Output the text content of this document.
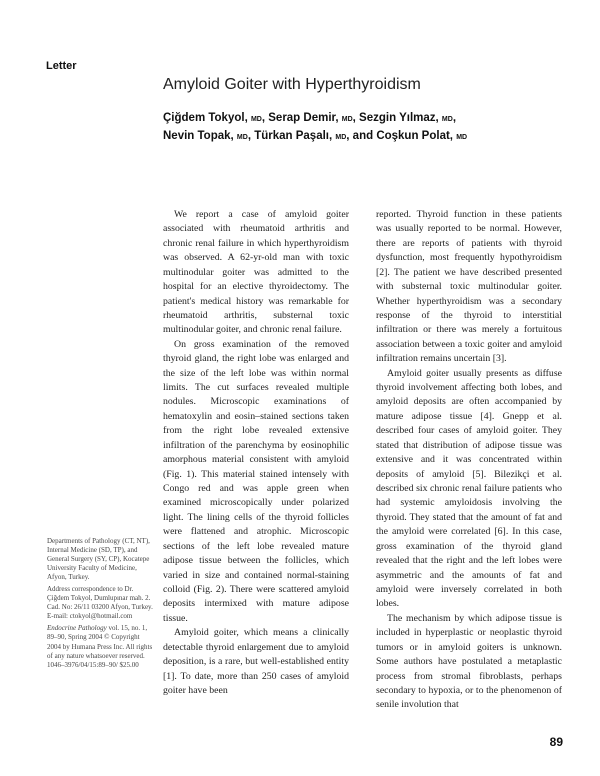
Letter
Amyloid Goiter with Hyperthyroidism
Çiğdem Tokyol, MD, Serap Demir, MD, Sezgin Yılmaz, MD,
Nevin Topak, MD, Türkan Paşalı, MD, and Coşkun Polat, MD

We report a case of amyloid goiter associated with rheumatoid arthritis and chronic renal failure in which hyperthyroidism was observed. A 62-yr-old man with toxic multinodular goiter was admitted to the hospital for an elective thyroidectomy. The patient's medical history was remarkable for rheumatoid arthritis, substernal toxic multinodular goiter, and chronic renal failure.

On gross examination of the removed thyroid gland, the right lobe was enlarged and the size of the left lobe was within normal limits. The cut surfaces revealed multiple nodules. Microscopic examinations of hematoxylin and eosin–stained sections taken from the right lobe revealed extensive infiltration of the parenchyma by eosinophilic amorphous material consistent with amyloid (Fig. 1). This material stained intensely with Congo red and was apple green when examined microscopically under polarized light. The lining cells of the thyroid follicles were flattened and atrophic. Microscopic sections of the left lobe revealed mature adipose tissue between the follicles, which varied in size and contained normal-staining colloid (Fig. 2). There were scattered amyloid deposits intermixed with mature adipose tissue.

Amyloid goiter, which means a clinically detectable thyroid enlargement due to amyloid deposition, is a rare, but well-established entity [1]. To date, more than 250 cases of amyloid goiter have been

reported. Thyroid function in these patients was usually reported to be normal. However, there are reports of patients with thyroid dysfunction, most frequently hypothyroidism [2]. The patient we have described presented with substernal toxic multinodular goiter. Whether hyperthyroidism was a secondary response of the thyroid to interstitial infiltration or there was merely a fortuitous association between a toxic goiter and amyloid infiltration remains uncertain [3].

Amyloid goiter usually presents as diffuse thyroid involvement affecting both lobes, and amyloid deposits are often accompanied by mature adipose tissue [4]. Gnepp et al. described four cases of amyloid goiter. They stated that distribution of adipose tissue was extensive and it was concentrated within deposits of amyloid [5]. Bilezikçi et al. described six chronic renal failure patients who had systemic amyloidosis involving the thyroid. They stated that the amount of fat and the amyloid were correlated [6]. In this case, gross examination of the thyroid gland revealed that the right and the left lobes were asymmetric and the amounts of fat and amyloid were inversely correlated in both lobes.

The mechanism by which adipose tissue is included in hyperplastic or neoplastic thyroid tumors or in amyloid goiters is unknown. Some authors have postulated a metaplastic process from stromal fibroblasts, perhaps secondary to hypoxia, or to the phenomenon of senile involution that

Departments of Pathology (CT, NT), Internal Medicine (SD, TP), and General Surgery (SY, CP), Kocatepe University Faculty of Medicine, Afyon, Turkey.

Address correspondence to Dr. Çiğdem Tokyol, Dumlupınar mah. 2. Cad. No: 26/11 03200 Afyon, Turkey. E-mail: ctokyol@hotmail.com

Endocrine Pathology vol. 15, no. 1, 89–90, Spring 2004 © Copyright 2004 by Humana Press Inc. All rights of any nature whatsoever reserved. 1046–3976/04/15:89–90/ $25.00

89
